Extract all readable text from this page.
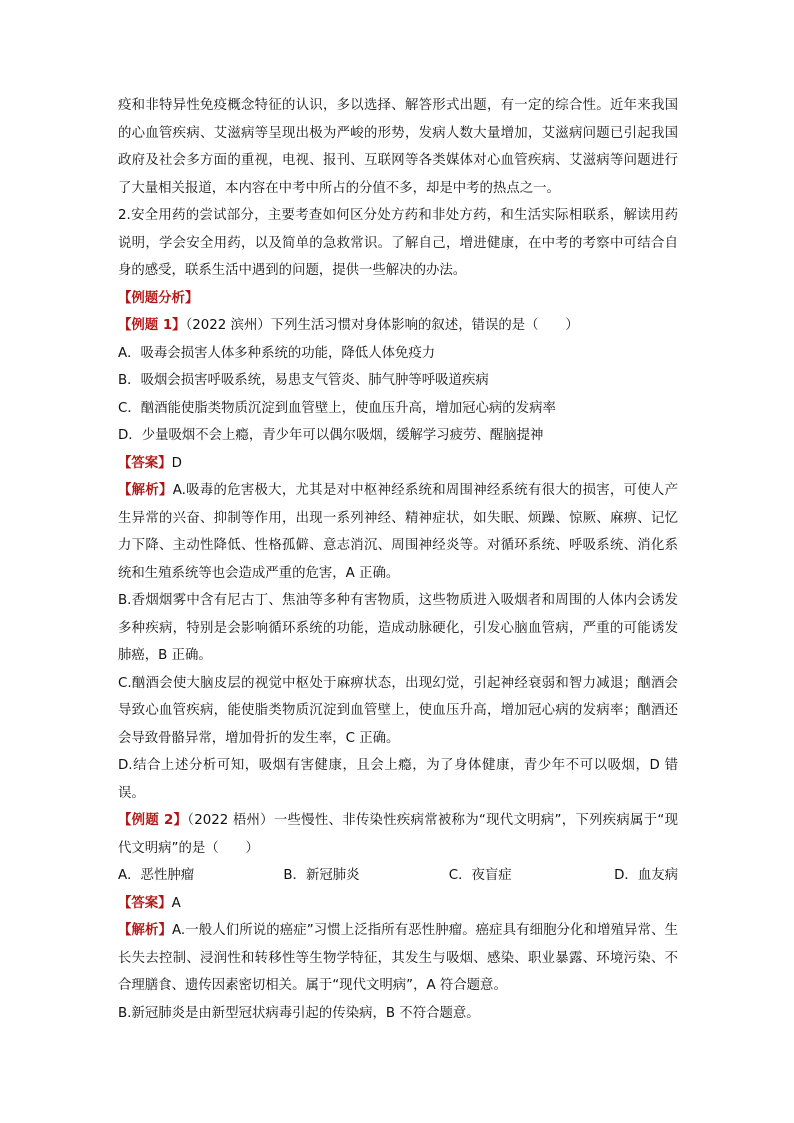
疫和非特异性免疫概念特征的认识，多以选择、解答形式出题，有一定的综合性。近年来我国的心血管疾病、艾滋病等呈现出极为严峻的形势，发病人数大量增加，艾滋病问题已引起我国政府及社会多方面的重视，电视、报刊、互联网等各类媒体对心血管疾病、艾滋病等问题进行了大量相关报道，本内容在中考中所占的分值不多，却是中考的热点之一。

2.安全用药的尝试部分，主要考查如何区分处方药和非处方药，和生活实际相联系，解读用药说明，学会安全用药，以及简单的急救常识。了解自己，增进健康，在中考的考察中可结合自身的感受，联系生活中遇到的问题，提供一些解决的办法。

【例题分析】

【例题 1】（2022 滨州）下列生活习惯对身体影响的叙述，错误的是（　　）

A．吸毒会损害人体多种系统的功能，降低人体免疫力

B．吸烟会损害呼吸系统，易患支气管炎、肺气肿等呼吸道疾病

C．酗酒能使脂类物质沉淀到血管壁上，使血压升高，增加冠心病的发病率

D．少量吸烟不会上瘾，青少年可以偶尔吸烟，缓解学习疲劳、醒脑提神

【答案】D

【解析】A.吸毒的危害极大，尤其是对中枢神经系统和周围神经系统有很大的损害，可使人产生异常的兴奋、抑制等作用，出现一系列神经、精神症状，如失眠、烦躁、惊厥、麻痹、记忆力下降、主动性降低、性格孤僻、意志消沉、周围神经炎等。对循环系统、呼吸系统、消化系统和生殖系统等也会造成严重的危害，A 正确。

B.香烟烟雾中含有尼古丁、焦油等多种有害物质，这些物质进入吸烟者和周围的人体内会诱发多种疾病，特别是会影响循环系统的功能，造成动脉硬化，引发心脑血管病，严重的可能诱发肺癌，B 正确。

C.酗酒会使大脑皮层的视觉中枢处于麻痹状态，出现幻觉，引起神经衰弱和智力减退；酗酒会导致心血管疾病，能使脂类物质沉淀到血管壁上，使血压升高，增加冠心病的发病率；酗酒还会导致骨骼异常，增加骨折的发生率，C 正确。

D.结合上述分析可知，吸烟有害健康，且会上瘾，为了身体健康，青少年不可以吸烟，D 错误。

【例题 2】（2022 梧州）一些慢性、非传染性疾病常被称为“现代文明病”，下列疾病属于“现代文明病”的是（　　）

A．恶性肿瘤	B．新冠肺炎	C．夜盲症	D．血友病

【答案】A

【解析】A.一般人们所说的癌症”习惯上泛指所有恶性肿瘤。癌症具有细胞分化和增殖异常、生长失去控制、浸润性和转移性等生物学特征，其发生与吸烟、感染、职业暴露、环境污染、不合理膳食、遗传因素密切相关。属于“现代文明病”，A 符合题意。

B.新冠肺炎是由新型冠状病毒引起的传染病，B 不符合题意。
